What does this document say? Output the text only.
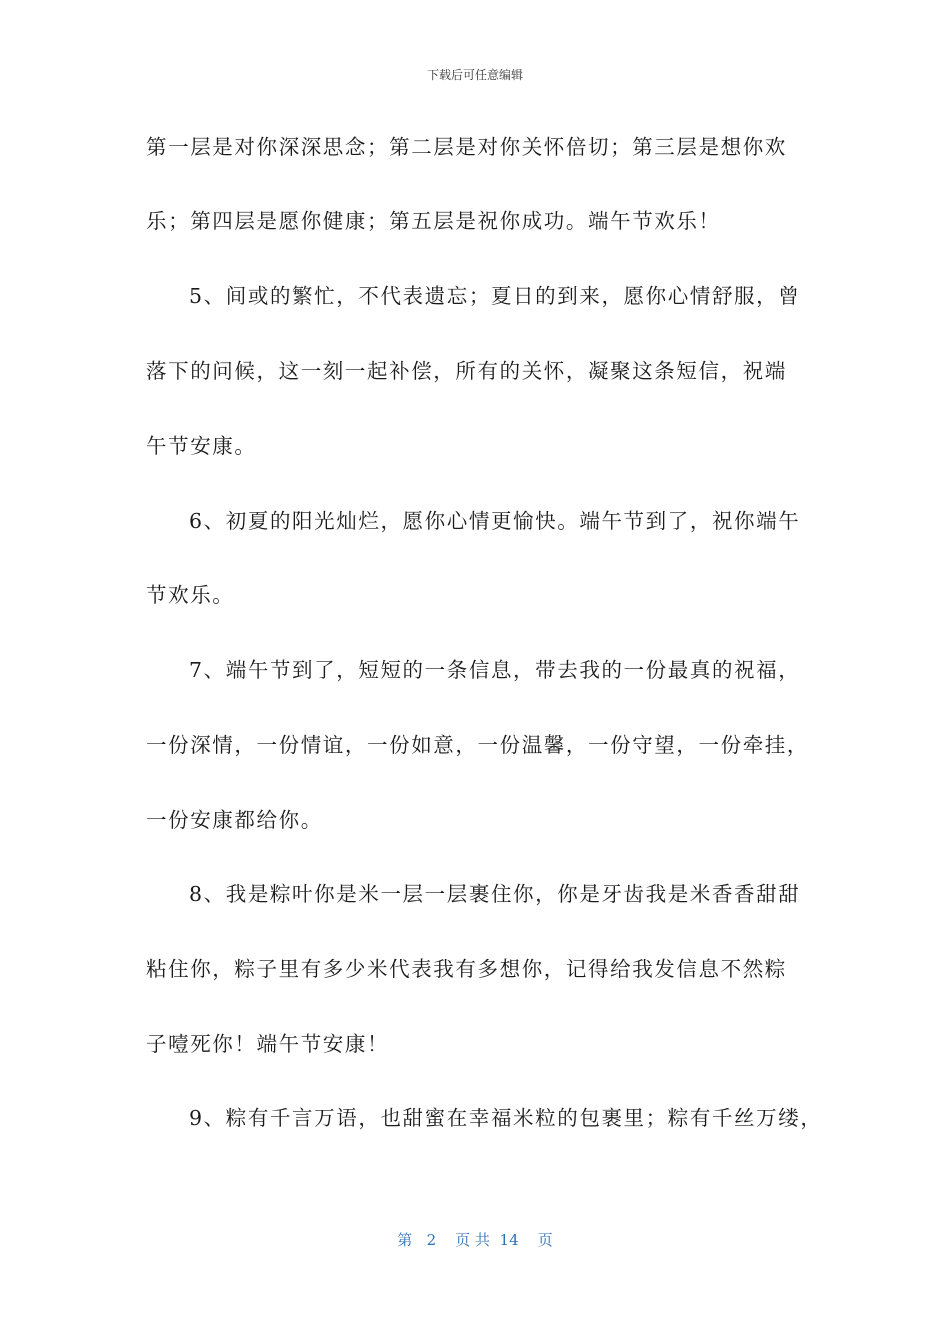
下载后可任意编辑
第一层是对你深深思念；第二层是对你关怀倍切；第三层是想你欢
乐；第四层是愿你健康；第五层是祝你成功。端午节欢乐！
5、间或的繁忙，不代表遗忘；夏日的到来，愿你心情舒服，曾
落下的问候，这一刻一起补偿，所有的关怀，凝聚这条短信，祝端
午节安康。
6、初夏的阳光灿烂，愿你心情更愉快。端午节到了，祝你端午
节欢乐。
7、端午节到了，短短的一条信息，带去我的一份最真的祝福，
一份深情，一份情谊，一份如意，一份温馨，一份守望，一份牵挂，
一份安康都给你。
8、我是粽叶你是米一层一层裹住你，你是牙齿我是米香香甜甜
粘住你，粽子里有多少米代表我有多想你，记得给我发信息不然粽
子噎死你！端午节安康！
9、粽有千言万语，也甜蜜在幸福米粒的包裹里；粽有千丝万缕，
第 2 页 共 14 页
